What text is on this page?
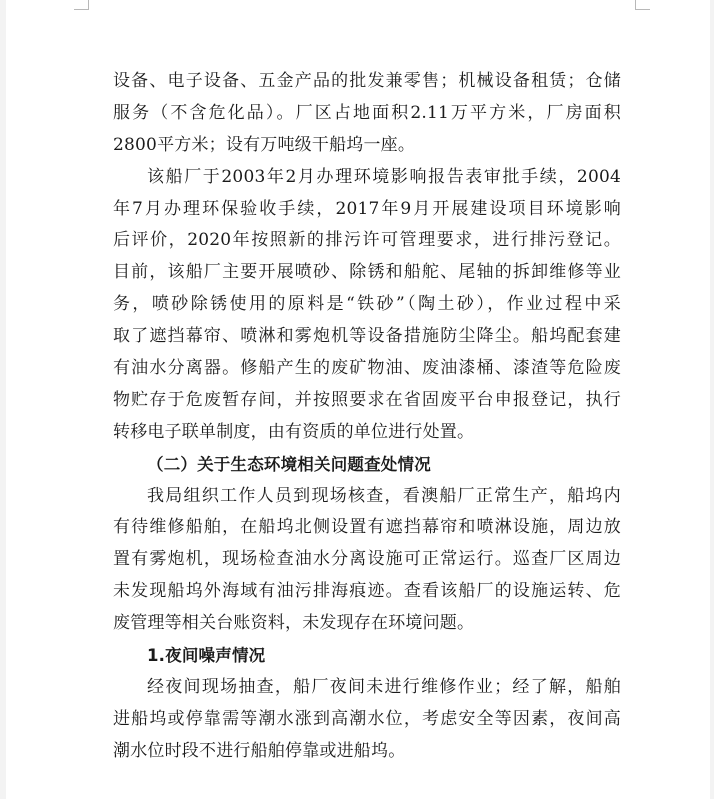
设备、电子设备、五金产品的批发兼零售；机械设备租赁；仓储
服务（不含危化品）。厂区占地面积2.11万平方米，厂房面积
2800平方米；设有万吨级干船坞一座。
该船厂于2003年2月办理环境影响报告表审批手续，2004
年7月办理环保验收手续，2017年9月开展建设项目环境影响
后评价，2020年按照新的排污许可管理要求，进行排污登记。
目前，该船厂主要开展喷砂、除锈和船舵、尾轴的拆卸维修等业
务，喷砂除锈使用的原料是“铁砂”（陶土砂），作业过程中采
取了遮挡幕帘、喷淋和雾炮机等设备措施防尘降尘。船坞配套建
有油水分离器。修船产生的废矿物油、废油漆桶、漆渣等危险废
物贮存于危废暂存间，并按照要求在省固废平台申报登记，执行
转移电子联单制度，由有资质的单位进行处置。
（二）关于生态环境相关问题查处情况
我局组织工作人员到现场核查，看澳船厂正常生产，船坞内
有待维修船舶，在船坞北侧设置有遮挡幕帘和喷淋设施，周边放
置有雾炮机，现场检查油水分离设施可正常运行。巡查厂区周边
未发现船坞外海域有油污排海痕迹。查看该船厂的设施运转、危
废管理等相关台账资料，未发现存在环境问题。
1.夜间噪声情况
经夜间现场抽查，船厂夜间未进行维修作业；经了解，船舶
进船坞或停靠需等潮水涨到高潮水位，考虑安全等因素，夜间高
潮水位时段不进行船舶停靠或进船坞。
